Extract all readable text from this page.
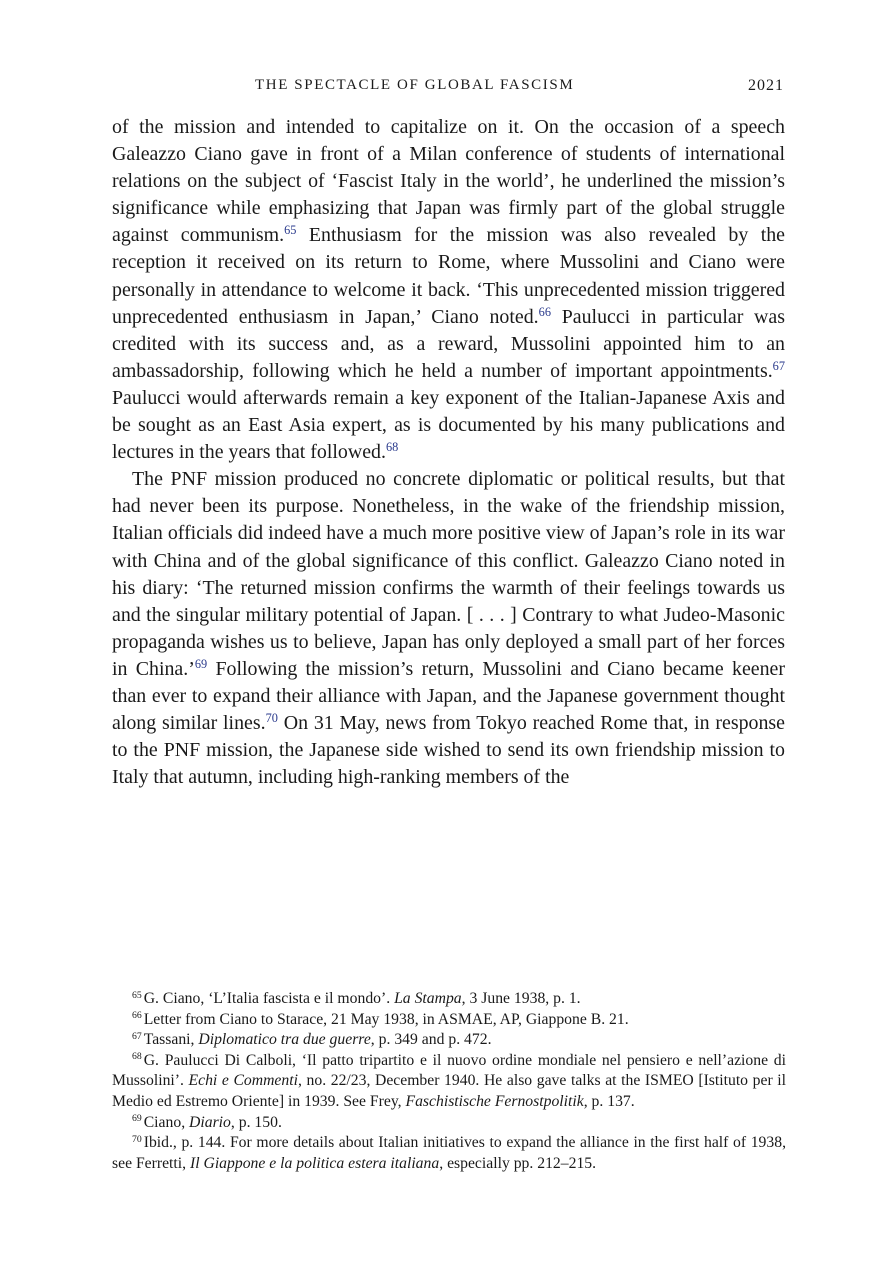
THE SPECTACLE OF GLOBAL FASCISM	2021

of the mission and intended to capitalize on it. On the occasion of a speech Galeazzo Ciano gave in front of a Milan conference of students of international relations on the subject of ‘Fascist Italy in the world’, he underlined the mission’s significance while emphasizing that Japan was firmly part of the global struggle against communism.$^{65}$ Enthusiasm for the mission was also revealed by the reception it received on its return to Rome, where Mussolini and Ciano were personally in attendance to welcome it back. ‘This unprecedented mission triggered unprecedented enthusiasm in Japan,’ Ciano noted.$^{66}$ Paulucci in particular was credited with its success and, as a reward, Mussolini appointed him to an ambassadorship, following which he held a number of important appointments.$^{67}$ Paulucci would afterwards remain a key exponent of the Italian-Japanese Axis and be sought as an East Asia expert, as is documented by his many publications and lectures in the years that followed.$^{68}$

The PNF mission produced no concrete diplomatic or political results, but that had never been its purpose. Nonetheless, in the wake of the friendship mission, Italian officials did indeed have a much more positive view of Japan’s role in its war with China and of the global significance of this conflict. Galeazzo Ciano noted in his diary: ‘The returned mission confirms the warmth of their feelings towards us and the singular military potential of Japan. [ . . . ] Contrary to what Judeo-Masonic propaganda wishes us to believe, Japan has only deployed a small part of her forces in China.’$^{69}$ Following the mission’s return, Mussolini and Ciano became keener than ever to expand their alliance with Japan, and the Japanese government thought along similar lines.$^{70}$ On 31 May, news from Tokyo reached Rome that, in response to the PNF mission, the Japanese side wished to send its own friendship mission to Italy that autumn, including high-ranking members of the

$^{65}$ G. Ciano, ‘L’Italia fascista e il mondo’. La Stampa, 3 June 1938, p. 1.

$^{66}$ Letter from Ciano to Starace, 21 May 1938, in ASMAE, AP, Giappone B. 21.

$^{67}$ Tassani, Diplomatico tra due guerre, p. 349 and p. 472.

$^{68}$ G. Paulucci Di Calboli, ‘Il patto tripartito e il nuovo ordine mondiale nel pensiero e nell’azione di Mussolini’. Echi e Commenti, no. 22/23, December 1940. He also gave talks at the ISMEO [Istituto per il Medio ed Estremo Oriente] in 1939. See Frey, Faschistische Fernostpolitik, p. 137.

$^{69}$ Ciano, Diario, p. 150.

$^{70}$ Ibid., p. 144. For more details about Italian initiatives to expand the alliance in the first half of 1938, see Ferretti, Il Giappone e la politica estera italiana, especially pp. 212–215.
